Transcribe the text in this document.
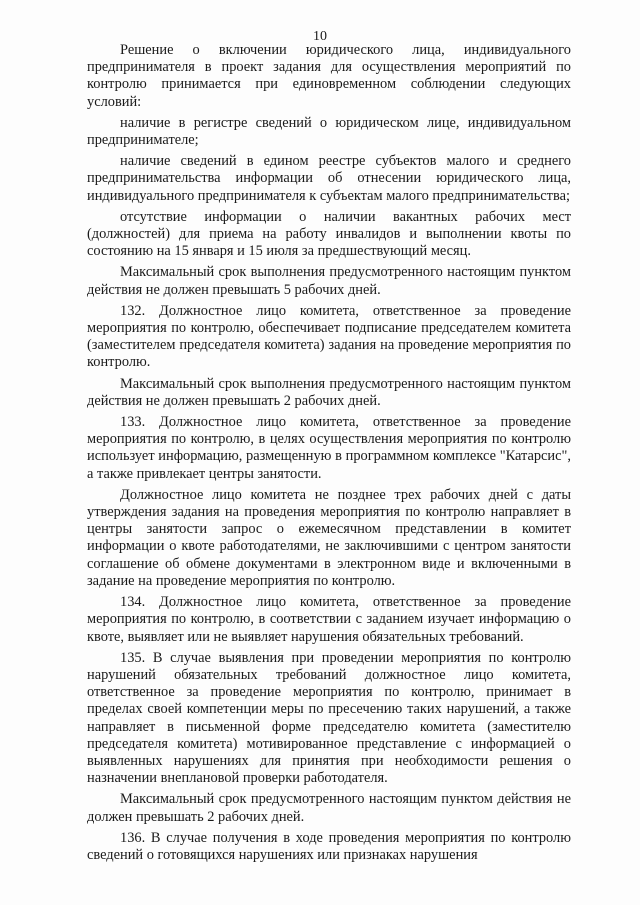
10

Решение о включении юридического лица, индивидуального предпринимателя в проект задания для осуществления мероприятий по контролю принимается при единовременном соблюдении следующих условий:

наличие в регистре сведений о юридическом лице, индивидуальном предпринимателе;

наличие сведений в едином реестре субъектов малого и среднего предпринимательства информации об отнесении юридического лица, индивидуального предпринимателя к субъектам малого предпринимательства;

отсутствие информации о наличии вакантных рабочих мест (должностей) для приема на работу инвалидов и выполнении квоты по состоянию на 15 января и 15 июля за предшествующий месяц.

Максимальный срок выполнения предусмотренного настоящим пунктом действия не должен превышать 5 рабочих дней.

132. Должностное лицо комитета, ответственное за проведение мероприятия по контролю, обеспечивает подписание председателем комитета (заместителем председателя комитета) задания на проведение мероприятия по контролю.

Максимальный срок выполнения предусмотренного настоящим пунктом действия не должен превышать 2 рабочих дней.

133. Должностное лицо комитета, ответственное за проведение мероприятия по контролю, в целях осуществления мероприятия по контролю использует информацию, размещенную в программном комплексе "Катарсис", а также привлекает центры занятости.

Должностное лицо комитета не позднее трех рабочих дней с даты утверждения задания на проведения мероприятия по контролю направляет в центры занятости запрос о ежемесячном представлении в комитет информации о квоте работодателями, не заключившими с центром занятости соглашение об обмене документами в электронном виде и включенными в задание на проведение мероприятия по контролю.

134. Должностное лицо комитета, ответственное за проведение мероприятия по контролю, в соответствии с заданием изучает информацию о квоте, выявляет или не выявляет нарушения обязательных требований.

135. В случае выявления при проведении мероприятия по контролю нарушений обязательных требований должностное лицо комитета, ответственное за проведение мероприятия по контролю, принимает в пределах своей компетенции меры по пресечению таких нарушений, а также направляет в письменной форме председателю комитета (заместителю председателя комитета) мотивированное представление с информацией о выявленных нарушениях для принятия при необходимости решения о назначении внеплановой проверки работодателя.

Максимальный срок предусмотренного настоящим пунктом действия не должен превышать 2 рабочих дней.

136. В случае получения в ходе проведения мероприятия по контролю сведений о готовящихся нарушениях или признаках нарушения
